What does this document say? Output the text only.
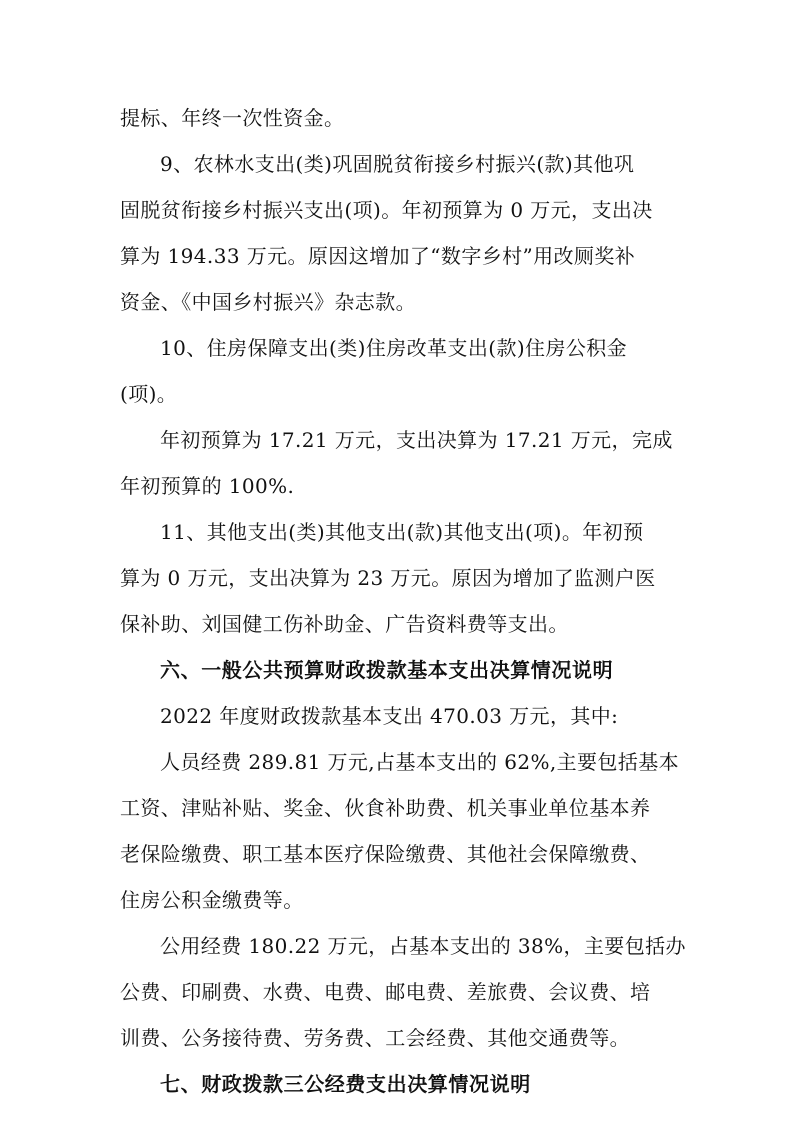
提标、年终一次性资金。

9、农林水支出(类)巩固脱贫衔接乡村振兴(款)其他巩

固脱贫衔接乡村振兴支出(项)。年初预算为 0 万元，支出决

算为 194.33 万元。原因这增加了“数字乡村”用改厕奖补

资金、《中国乡村振兴》杂志款。

10、住房保障支出(类)住房改革支出(款)住房公积金

(项)。

年初预算为 17.21 万元，支出决算为 17.21 万元，完成

年初预算的 100%.

11、其他支出(类)其他支出(款)其他支出(项)。年初预

算为 0 万元，支出决算为 23 万元。原因为增加了监测户医

保补助、刘国健工伤补助金、广告资料费等支出。

六、一般公共预算财政拨款基本支出决算情况说明

2022 年度财政拨款基本支出 470.03 万元，其中:

人员经费 289.81 万元,占基本支出的 62%,主要包括基本

工资、津贴补贴、奖金、伙食补助费、机关事业单位基本养

老保险缴费、职工基本医疗保险缴费、其他社会保障缴费、

住房公积金缴费等。

公用经费 180.22 万元，占基本支出的 38%，主要包括办

公费、印刷费、水费、电费、邮电费、差旅费、会议费、培

训费、公务接待费、劳务费、工会经费、其他交通费等。

七、财政拨款三公经费支出决算情况说明
